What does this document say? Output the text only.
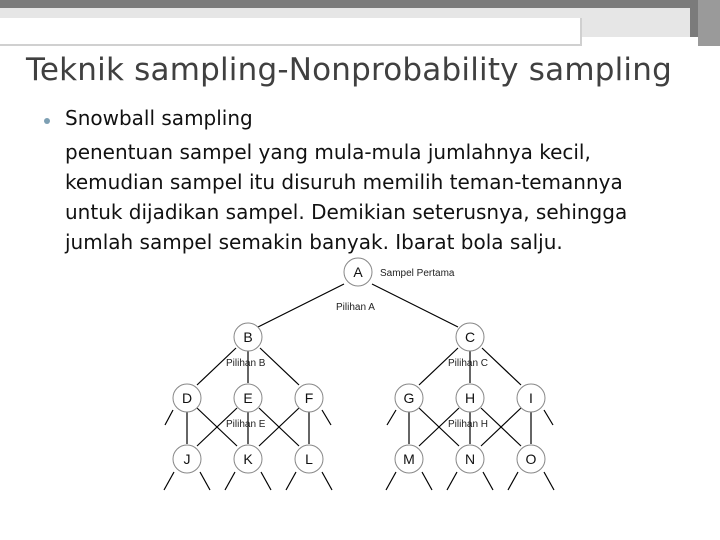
Teknik sampling-Nonprobability sampling
Snowball sampling
penentuan sampel yang mula-mula jumlahnya kecil,
kemudian sampel itu disuruh memilih teman-temannya
untuk dijadikan sampel. Demikian seterusnya, sehingga
jumlah sampel semakin banyak. Ibarat bola salju.
A
B	C
D	E	F	G	H	I
J	K	L	M	N	O
Sampel Pertama
Pilihan A
Pilihan B	Pilihan C
Pilihan E	Pilihan H
